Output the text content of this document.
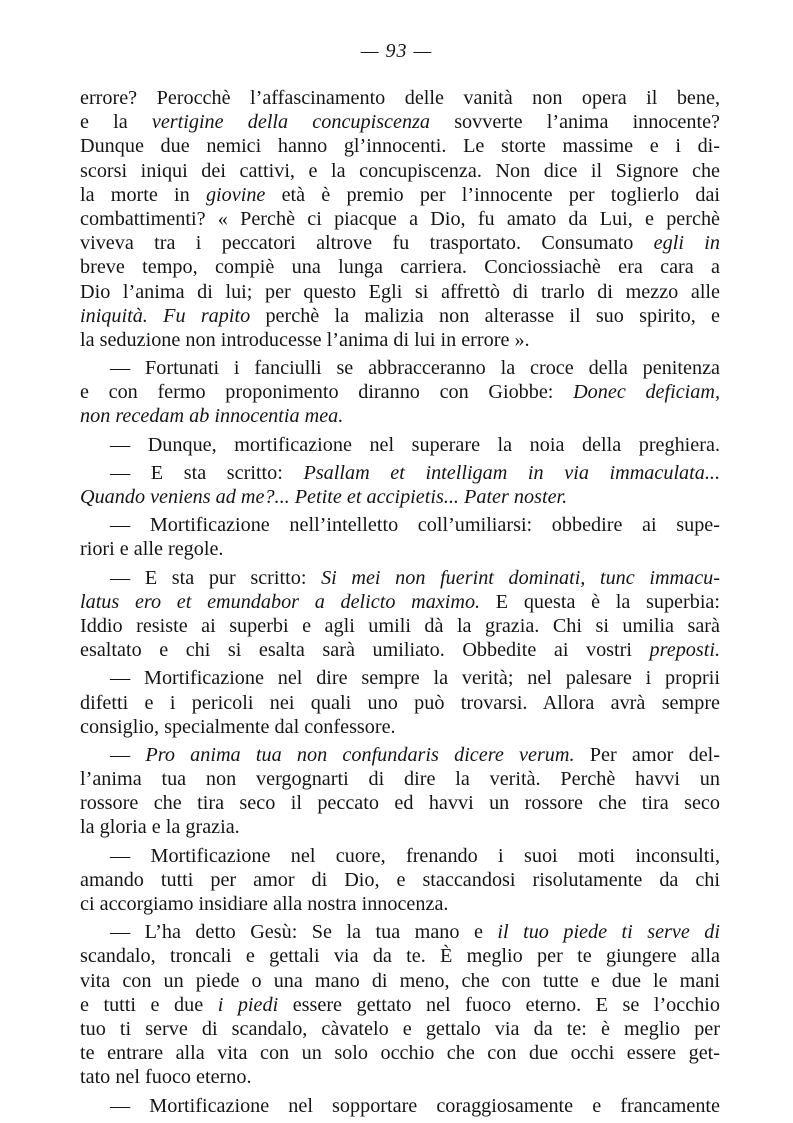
— 93 —
errore? Perocchè l’affascinamento delle vanità non opera il bene,
e la vertigine della concupiscenza sovverte l’anima innocente?
Dunque due nemici hanno gl’innocenti. Le storte massime e i di-
scorsi iniqui dei cattivi, e la concupiscenza. Non dice il Signore che
la morte in giovine età è premio per l’innocente per toglierlo dai
combattimenti? « Perchè ci piacque a Dio, fu amato da Lui, e perchè
viveva tra i peccatori altrove fu trasportato. Consumato egli in
breve tempo, compiè una lunga carriera. Conciossiachè era cara a
Dio l’anima di lui; per questo Egli si affrettò di trarlo di mezzo alle
iniquità. Fu rapito perchè la malizia non alterasse il suo spirito, e
la seduzione non introducesse l’anima di lui in errore ».
— Fortunati i fanciulli se abbracceranno la croce della penitenza
e con fermo proponimento diranno con Giobbe: Donec deficiam,
non recedam ab innocentia mea.
— Dunque, mortificazione nel superare la noia della preghiera.
— E sta scritto: Psallam et intelligam in via immaculata...
Quando veniens ad me?... Petite et accipietis... Pater noster.
— Mortificazione nell’intelletto coll’umiliarsi: obbedire ai supe-
riori e alle regole.
— E sta pur scritto: Si mei non fuerint dominati, tunc immacu-
latus ero et emundabor a delicto maximo. E questa è la superbia:
Iddio resiste ai superbi e agli umili dà la grazia. Chi si umilia sarà
esaltato e chi si esalta sarà umiliato. Obbedite ai vostri preposti.
— Mortificazione nel dire sempre la verità; nel palesare i proprii
difetti e i pericoli nei quali uno può trovarsi. Allora avrà sempre
consiglio, specialmente dal confessore.
— Pro anima tua non confundaris dicere verum. Per amor del-
l’anima tua non vergognarti di dire la verità. Perchè havvi un
rossore che tira seco il peccato ed havvi un rossore che tira seco
la gloria e la grazia.
— Mortificazione nel cuore, frenando i suoi moti inconsulti,
amando tutti per amor di Dio, e staccandosi risolutamente da chi
ci accorgiamo insidiare alla nostra innocenza.
— L’ha detto Gesù: Se la tua mano e il tuo piede ti serve di
scandalo, troncali e gettali via da te. È meglio per te giungere alla
vita con un piede o una mano di meno, che con tutte e due le mani
e tutti e due i piedi essere gettato nel fuoco eterno. E se l’occhio
tuo ti serve di scandalo, càvatelo e gettalo via da te: è meglio per
te entrare alla vita con un solo occhio che con due occhi essere get-
tato nel fuoco eterno.
— Mortificazione nel sopportare coraggiosamente e francamente
